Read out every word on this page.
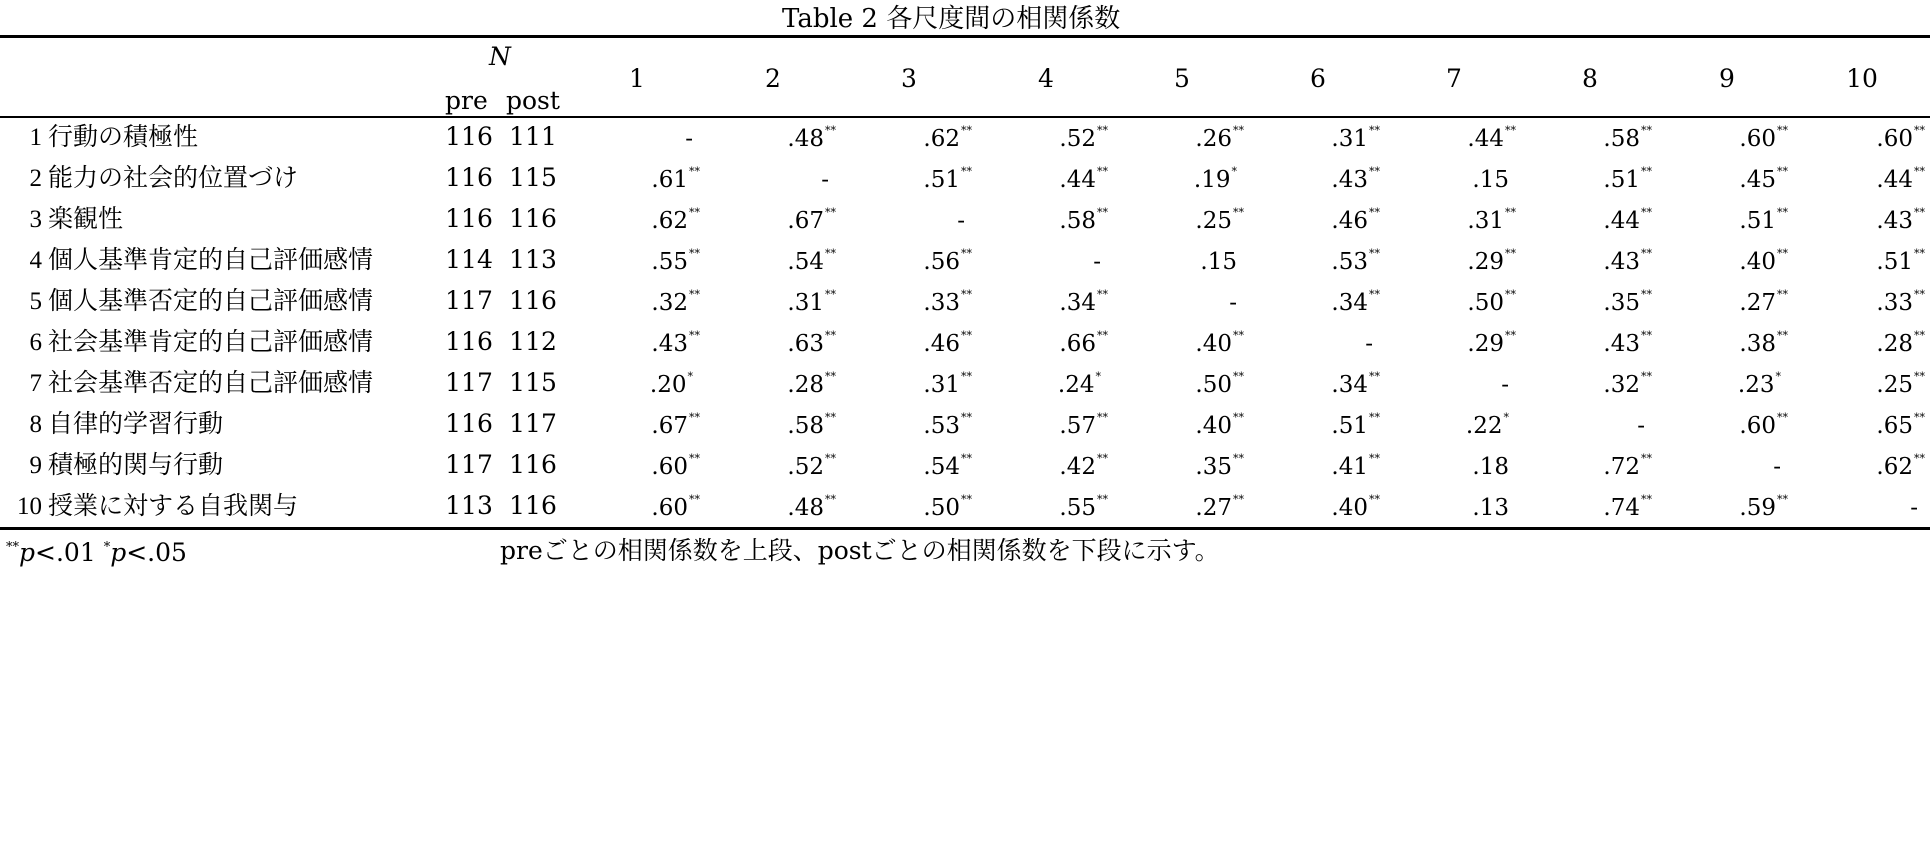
Table 2 各尺度間の相関係数
N
pre post
1	2	3	4	5	6	7	8	9	10
1 行動の積極性	116 111	-	.48**	.62**	.52**	.26**	.31**	.44**	.58**	.60**	.60**
2 能力の社会的位置づけ	116 115	.61**	-	.51**	.44**	.19*	.43**	.15	.51**	.45**	.44**
3 楽観性	116 116	.62**	.67**	-	.58**	.25**	.46**	.31**	.44**	.51**	.43**
4 個人基準肯定的自己評価感情	114 113	.55**	.54**	.56**	-	.15	.53**	.29**	.43**	.40**	.51**
5 個人基準否定的自己評価感情	117 116	.32**	.31**	.33**	.34**	-	.34**	.50**	.35**	.27**	.33**
6 社会基準肯定的自己評価感情	116 112	.43**	.63**	.46**	.66**	.40**	-	.29**	.43**	.38**	.28**
7 社会基準否定的自己評価感情	117 115	.20*	.28**	.31**	.24*	.50**	.34**	-	.32**	.23*	.25**
8 自律的学習行動	116 117	.67**	.58**	.53**	.57**	.40**	.51**	.22*	-	.60**	.65**
9 積極的関与行動	117 116	.60**	.52**	.54**	.42**	.35**	.41**	.18	.72**	-	.62**
10 授業に対する自我関与	113 116	.60**	.48**	.50**	.55**	.27**	.40**	.13	.74**	.59**	-
**p<.01 *p<.05	preごとの相関係数を上段、postごとの相関係数を下段に示す。
